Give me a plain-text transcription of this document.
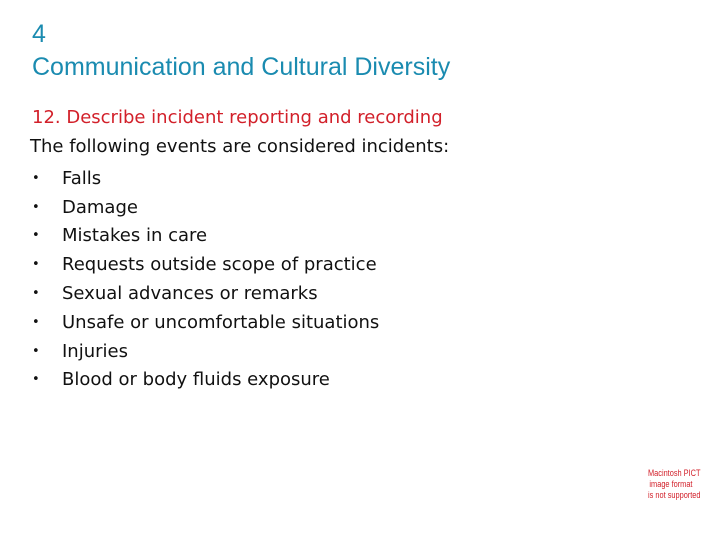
4
Communication and Cultural Diversity
12. Describe incident reporting and recording
The following events are considered incidents:
•	Falls
•	Damage
•	Mistakes in care
•	Requests outside scope of practice
•	Sexual advances or remarks
•	Unsafe or uncomfortable situations
•	Injuries
•	Blood or body fluids exposure
Macintosh PICT
image format
is not supported
